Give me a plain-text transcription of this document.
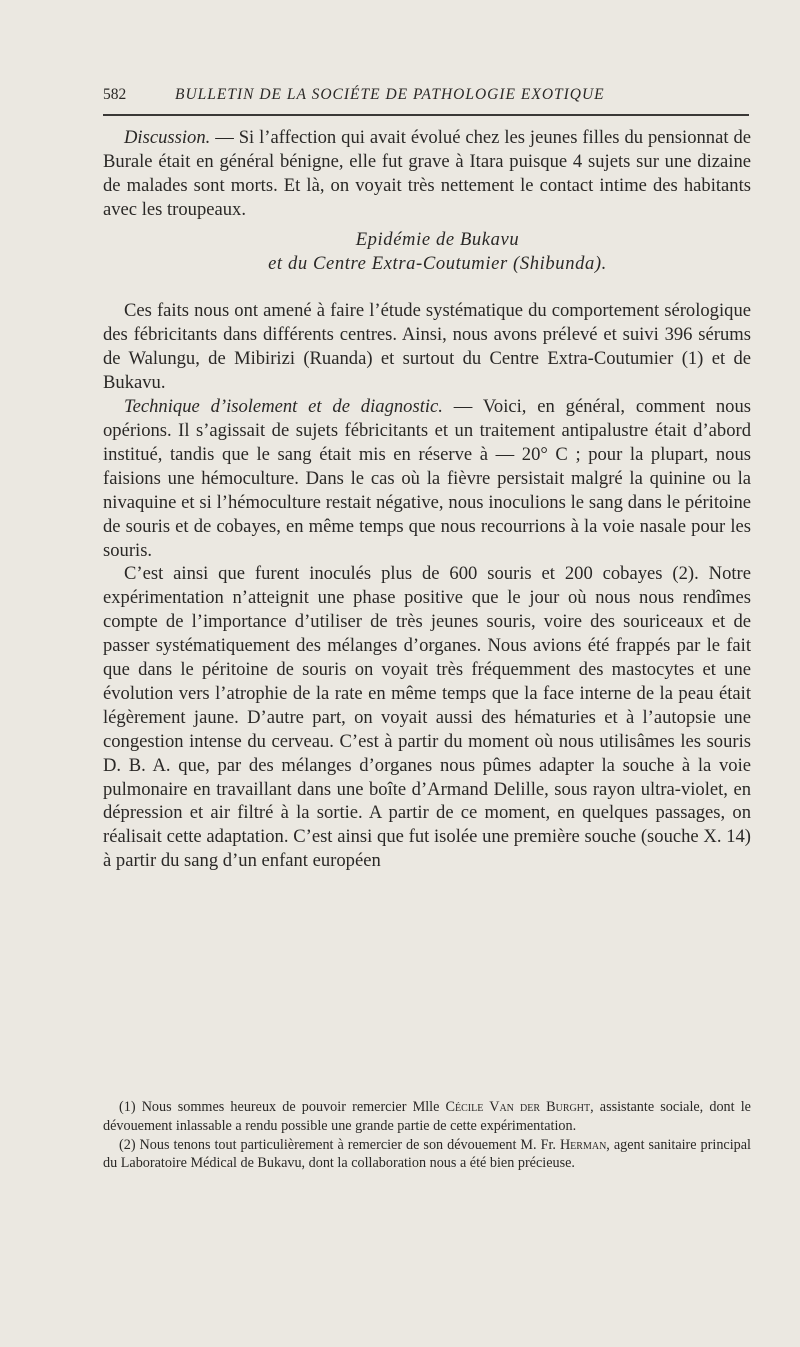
582	BULLETIN DE LA SOCIÉTE DE PATHOLOGIE EXOTIQUE

Discussion. — Si l’affection qui avait évolué chez les jeunes filles du pensionnat de Burale était en général bénigne, elle fut grave à Itara puisque 4 sujets sur une dizaine de malades sont morts. Et là, on voyait très nettement le contact intime des habitants avec les troupeaux.

Epidémie de Bukavu

et du Centre Extra-Coutumier (Shibunda).

Ces faits nous ont amené à faire l’étude systématique du comportement sérologique des fébricitants dans différents centres. Ainsi, nous avons prélevé et suivi 396 sérums de Walungu, de Mibirizi (Ruanda) et surtout du Centre Extra-Coutumier (1) et de Bukavu.

Technique d’isolement et de diagnostic. — Voici, en général, comment nous opérions. Il s’agissait de sujets fébricitants et un traitement antipalustre était d’abord institué, tandis que le sang était mis en réserve à — 20° C ; pour la plupart, nous faisions une hémoculture. Dans le cas où la fièvre persistait malgré la quinine ou la nivaquine et si l’hémoculture restait négative, nous inoculions le sang dans le péritoine de souris et de cobayes, en même temps que nous recourrions à la voie nasale pour les souris.

C’est ainsi que furent inoculés plus de 600 souris et 200 cobayes (2). Notre expérimentation n’atteignit une phase positive que le jour où nous nous rendîmes compte de l’importance d’utiliser de très jeunes souris, voire des souriceaux et de passer systématiquement des mélanges d’organes. Nous avions été frappés par le fait que dans le péritoine de souris on voyait très fréquemment des mastocytes et une évolution vers l’atrophie de la rate en même temps que la face interne de la peau était légèrement jaune. D’autre part, on voyait aussi des hématuries et à l’autopsie une congestion intense du cerveau. C’est à partir du moment où nous utilisâmes les souris D. B. A. que, par des mélanges d’organes nous pûmes adapter la souche à la voie pulmonaire en travaillant dans une boîte d’Armand Delille, sous rayon ultra-violet, en dépression et air filtré à la sortie. A partir de ce moment, en quelques passages, on réalisait cette adaptation. C’est ainsi que fut isolée une première souche (souche X. 14) à partir du sang d’un enfant européen

(1) Nous sommes heureux de pouvoir remercier Mlle Cécile Van der Burght, assistante sociale, dont le dévouement inlassable a rendu possible une grande partie de cette expérimentation.

(2) Nous tenons tout particulièrement à remercier de son dévouement M. Fr. Herman, agent sanitaire principal du Laboratoire Médical de Bukavu, dont la collaboration nous a été bien précieuse.
